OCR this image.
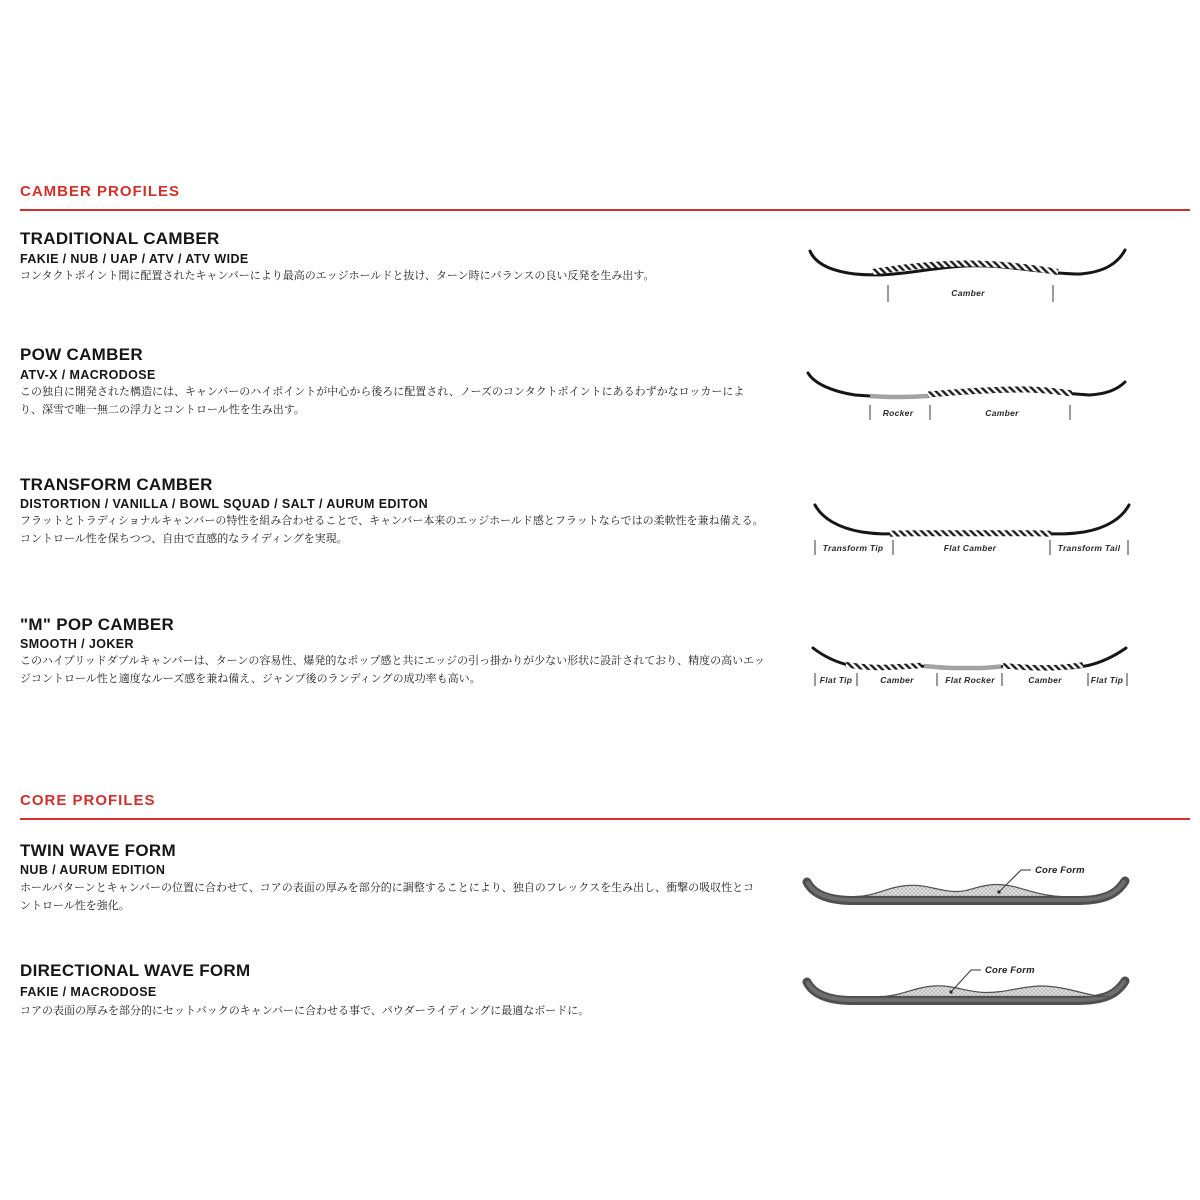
CAMBER PROFILES
TRADITIONAL CAMBER
FAKIE / NUB / UAP / ATV / ATV WIDE
コンタクトポイント間に配置されたキャンバーにより最高のエッジホールドと抜け、ターン時にバランスの良い反発を生み出す。
Camber
POW CAMBER
ATV-X / MACRODOSE
この独自に開発された構造には、キャンバーのハイポイントが中心から後ろに配置され、ノーズのコンタクトポイントにあるわずかなロッカーにより、深雪で唯一無二の浮力とコントロール性を生み出す。	Rocker	Camber
TRANSFORM CAMBER
DISTORTION / VANILLA / BOWL SQUAD / SALT / AURUM EDITON
フラットとトラディショナルキャンバーの特性を組み合わせることで、キャンバー本来のエッジホールド感とフラットならではの柔軟性を兼ね備える。コントロール性を保ちつつ、自由で直感的なライディングを実現。
Transform Tip	Flat Camber	Transform Tail
"M" POP CAMBER
SMOOTH / JOKER
このハイブリッドダブルキャンバーは、ターンの容易性、爆発的なポップ感と共にエッジの引っ掛かりが少ない形状に設計されており、精度の高いエッジコントロール性と適度なルーズ感を兼ね備え、ジャンプ後のランディングの成功率も高い。	Flat Tip	Camber	Flat Rocker	Camber	Flat Tip
CORE PROFILES
TWIN WAVE FORM
NUB / AURUM EDITION
ホールパターンとキャンバーの位置に合わせて、コアの表面の厚みを部分的に調整することにより、独自のフレックスを生み出し、衝撃の吸収性とコントロール性を強化。
Core Form
DIRECTIONAL WAVE FORM
FAKIE / MACRODOSE
コアの表面の厚みを部分的にセットバックのキャンバーに合わせる事で、パウダーライディングに最適なボードに。
Core Form
